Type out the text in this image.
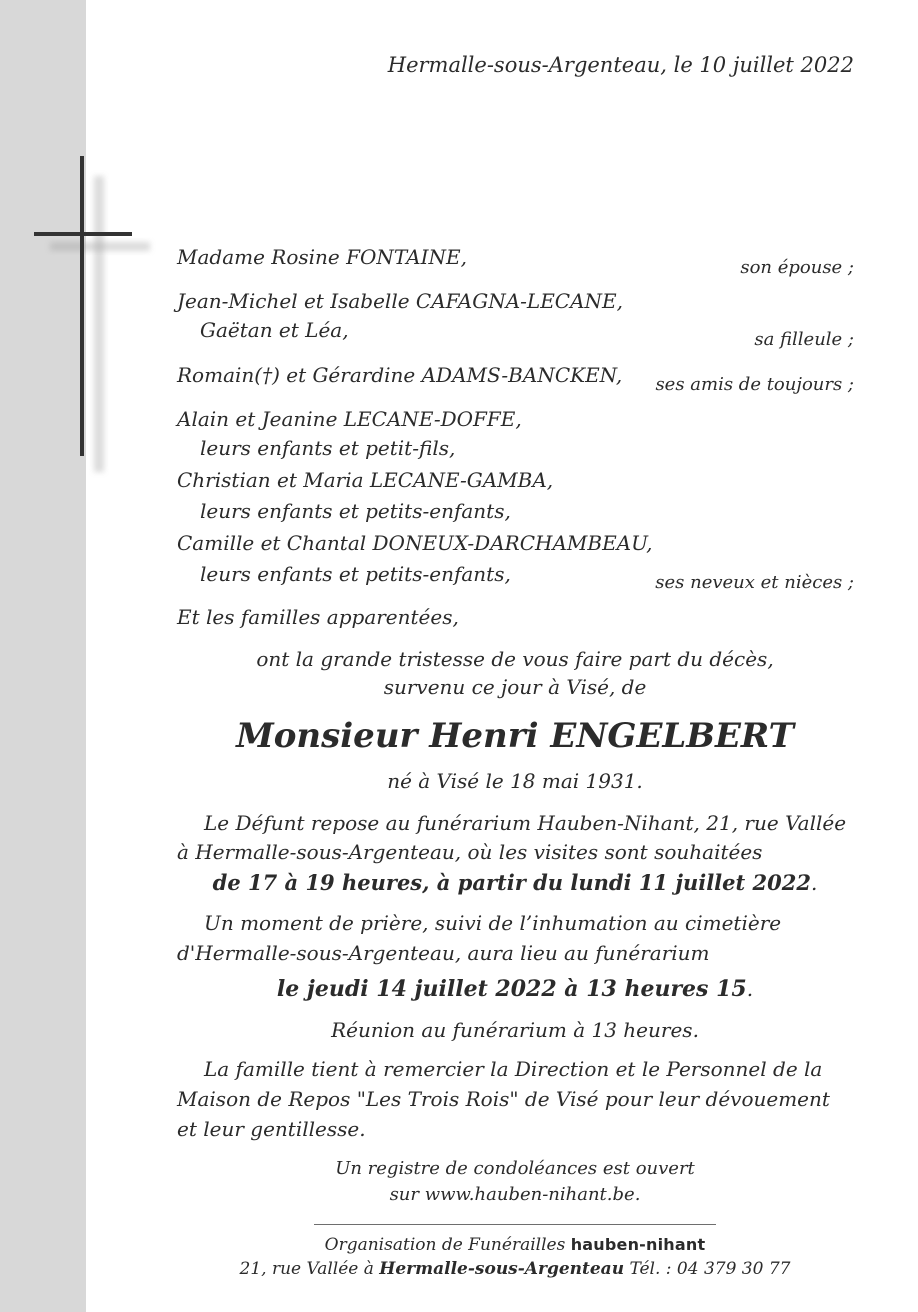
Hermalle-sous-Argenteau, le 10 juillet 2022
Madame Rosine FONTAINE,
Jean-Michel et Isabelle CAFAGNA-LECANE,
Gaëtan et Léa,
Romain(†) et Gérardine ADAMS-BANCKEN,
Alain et Jeanine LECANE-DOFFE,
leurs enfants et petit-fils,
Christian et Maria LECANE-GAMBA,
leurs enfants et petits-enfants,
Camille et Chantal DONEUX-DARCHAMBEAU,
leurs enfants et petits-enfants,
Et les familles apparentées,
son épouse ;
sa filleule ;
ses amis de toujours ;
ses neveux et nièces ;
ont la grande tristesse de vous faire part du décès,
survenu ce jour à Visé, de
Monsieur Henri ENGELBERT
né à Visé le 18 mai 1931.
Le Défunt repose au funérarium Hauben-Nihant, 21, rue Vallée
à Hermalle-sous-Argenteau, où les visites sont souhaitées
de 17 à 19 heures, à partir du lundi 11 juillet 2022.
Un moment de prière, suivi de l’inhumation au cimetière
d'Hermalle-sous-Argenteau, aura lieu au funérarium
le jeudi 14 juillet 2022 à 13 heures 15.
Réunion au funérarium à 13 heures.
La famille tient à remercier la Direction et le Personnel de la
Maison de Repos "Les Trois Rois" de Visé pour leur dévouement
et leur gentillesse.
Un registre de condoléances est ouvert
sur www.hauben-nihant.be.
Organisation de Funérailles hauben-nihant
21, rue Vallée à Hermalle-sous-Argenteau Tél. : 04 379 30 77
